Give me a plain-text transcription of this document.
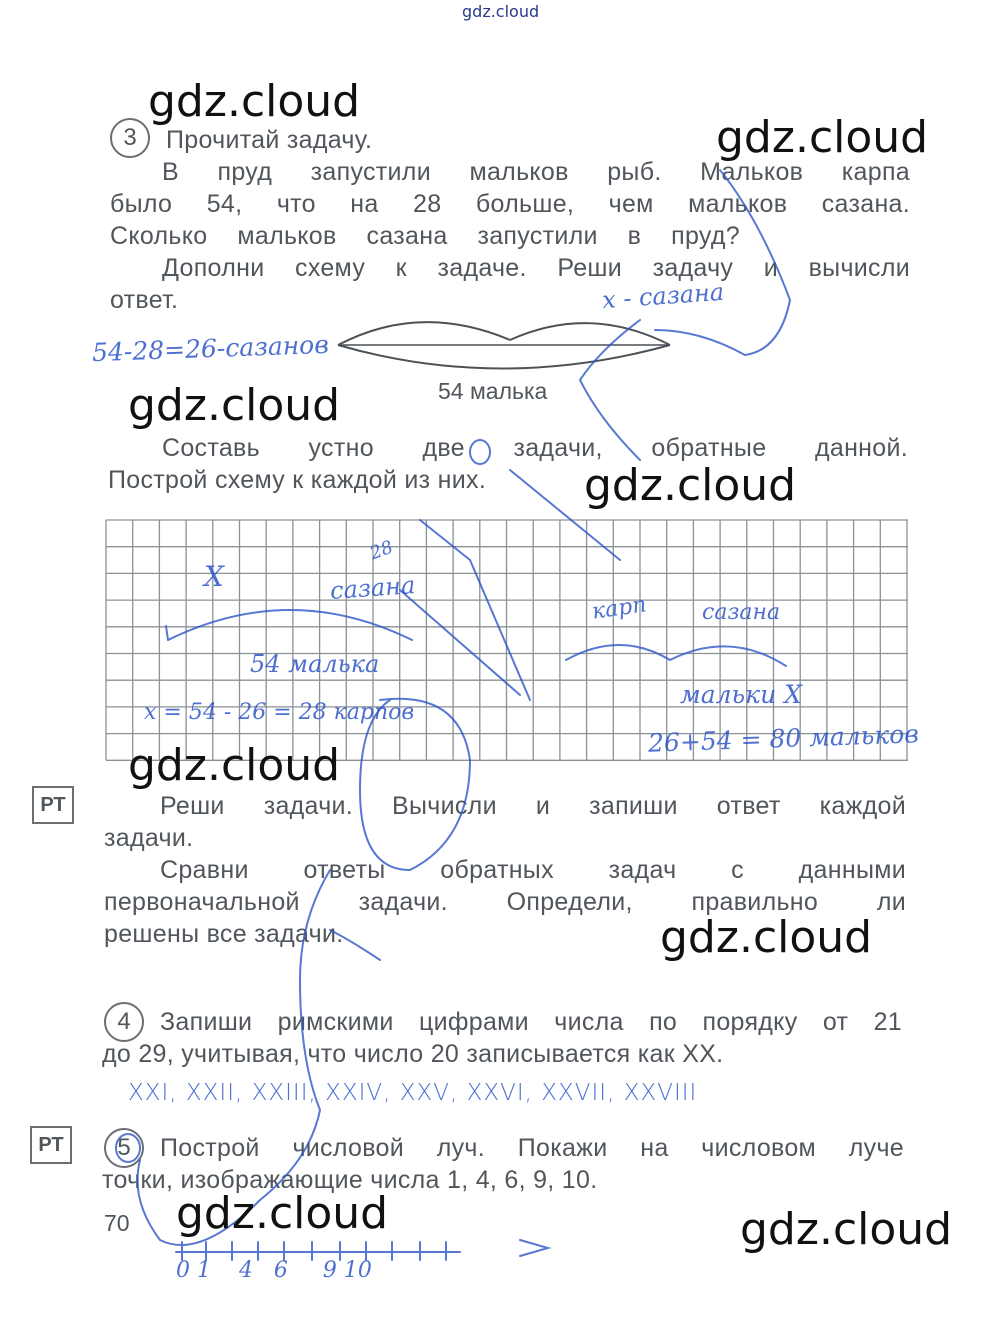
gdz.cloud
3	Прочитай задачу.
В пруд запустили мальков рыб. Мальков карпа
было 54, что на 28 больше, чем мальков сазана.
Сколько мальков сазана запустили в пруд?
Дополни схему к задаче. Реши задачу и вычисли
ответ.
54 малька
Составь устно две задачи, обратные данной.
Построй схему к каждой из них.
РТ	Реши задачи. Вычисли и запиши ответ каждой
задачи.
Сравни ответы обратных задач с данными
первоначальной задачи. Определи, правильно ли
решены все задачи.
4	Запиши римскими цифрами числа по порядку от 21
до 29, учитывая, что число 20 записывается как XX.
РТ	5	Построй числовой луч. Покажи на числовом луче
точки, изображающие числа 1, 4, 6, 9, 10.
70
х - сазана
54-28=26-сазанов
Х
28
сазана
54 малька
х = 54 - 26 = 28 карпов
карп сазана
мальки Х
26+54 = 80 мальков
XXI, XXII, XXIII, XXIV, XXV, XXVI, XXVII, XXVIII
0 1    4   6     9 10
gdz.cloud
gdz.cloud
gdz.cloud
gdz.cloud
gdz.cloud
gdz.cloud
gdz.cloud	gdz.cloud
